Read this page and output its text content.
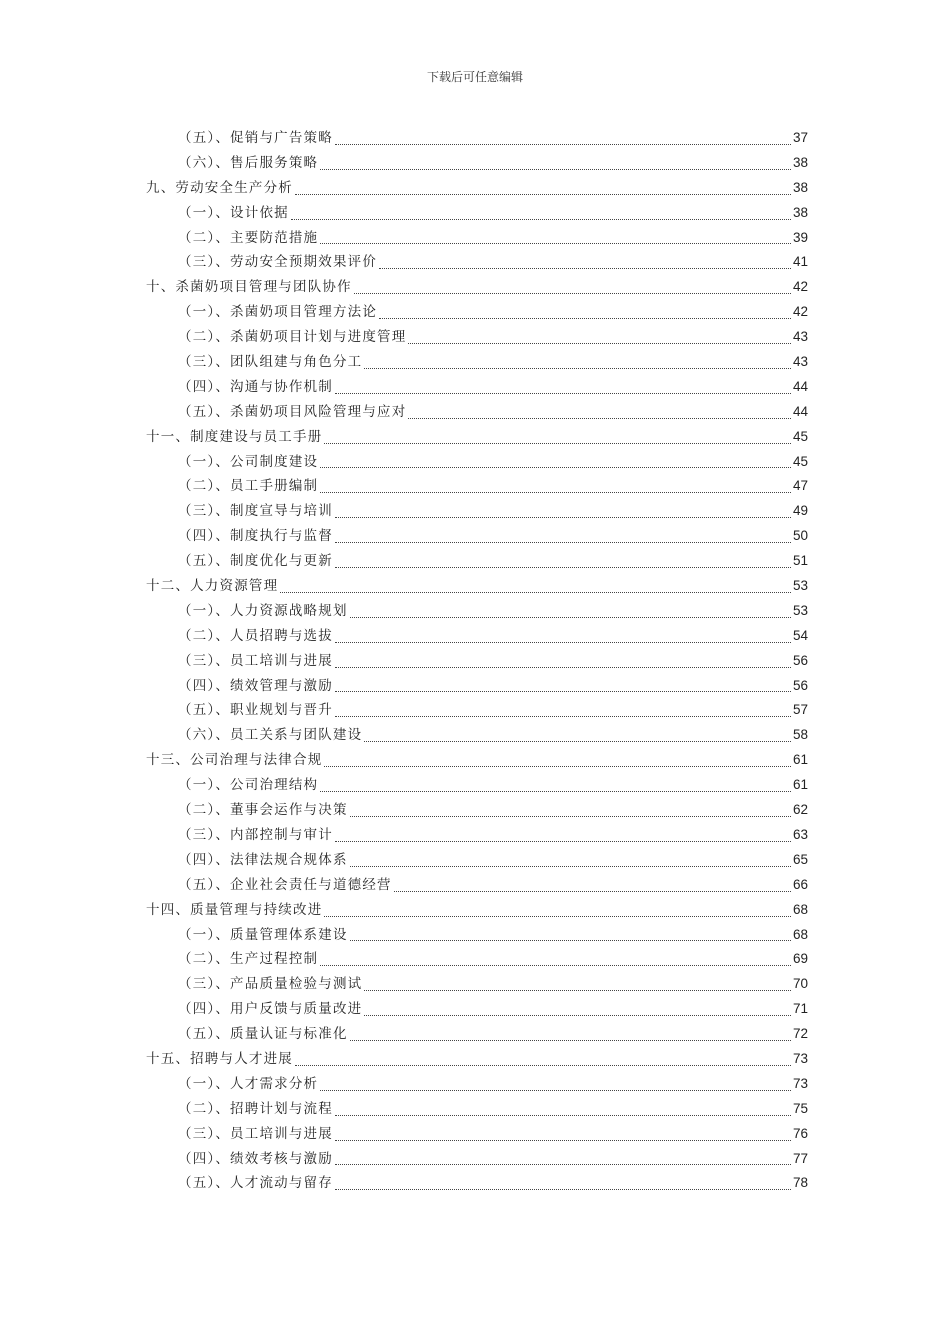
下载后可任意编辑
（五）、促销与广告策略	37
（六）、售后服务策略	38
九、劳动安全生产分析	38
（一）、设计依据	38
（二）、主要防范措施	39
（三）、劳动安全预期效果评价	41
十、杀菌奶项目管理与团队协作	42
（一）、杀菌奶项目管理方法论	42
（二）、杀菌奶项目计划与进度管理	43
（三）、团队组建与角色分工	43
（四）、沟通与协作机制	44
（五）、杀菌奶项目风险管理与应对	44
十一、制度建设与员工手册	45
（一）、公司制度建设	45
（二）、员工手册编制	47
（三）、制度宣导与培训	49
（四）、制度执行与监督	50
（五）、制度优化与更新	51
十二、人力资源管理	53
（一）、人力资源战略规划	53
（二）、人员招聘与选拔	54
（三）、员工培训与进展	56
（四）、绩效管理与激励	56
（五）、职业规划与晋升	57
（六）、员工关系与团队建设	58
十三、公司治理与法律合规	61
（一）、公司治理结构	61
（二）、董事会运作与决策	62
（三）、内部控制与审计	63
（四）、法律法规合规体系	65
（五）、企业社会责任与道德经营	66
十四、质量管理与持续改进	68
（一）、质量管理体系建设	68
（二）、生产过程控制	69
（三）、产品质量检验与测试	70
（四）、用户反馈与质量改进	71
（五）、质量认证与标准化	72
十五、招聘与人才进展	73
（一）、人才需求分析	73
（二）、招聘计划与流程	75
（三）、员工培训与进展	76
（四）、绩效考核与激励	77
（五）、人才流动与留存	78
